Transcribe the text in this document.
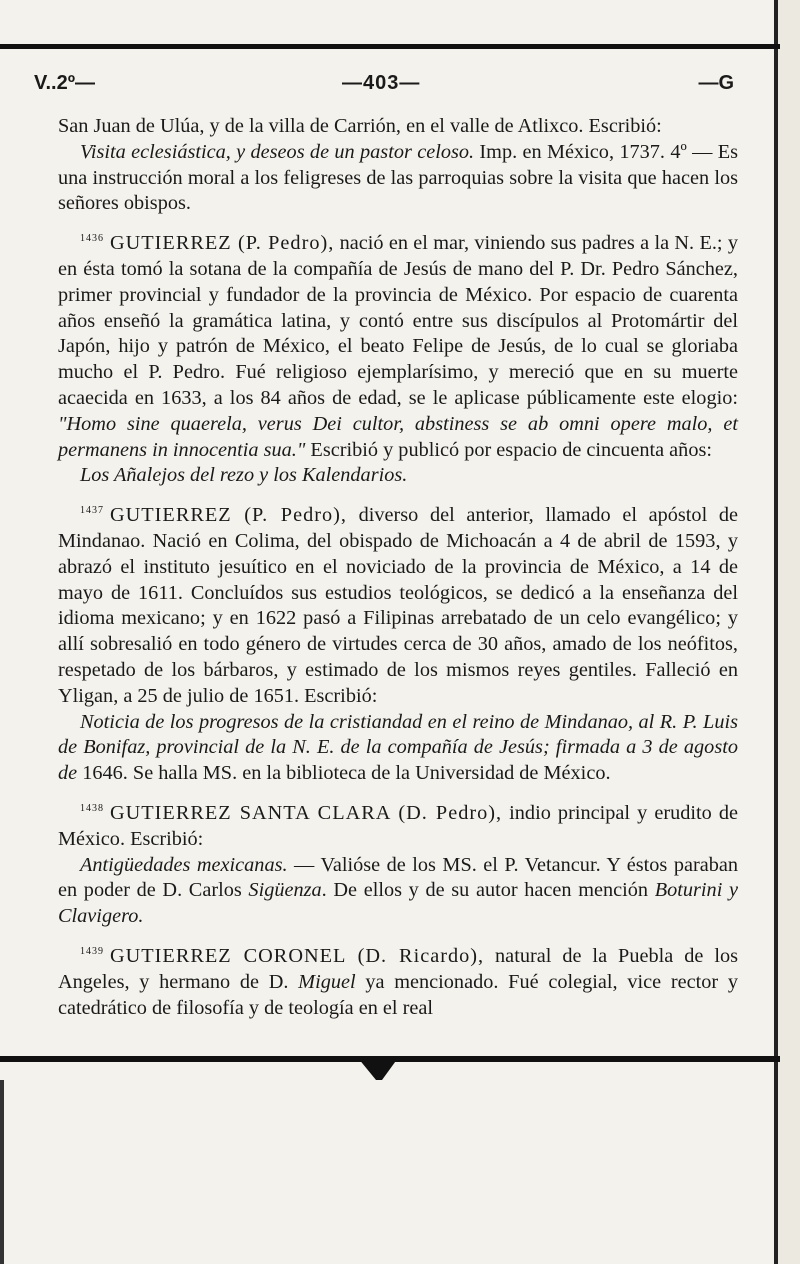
V..2º—	—403—	—G

San Juan de Ulúa, y de la villa de Carrión, en el valle de Atlixco. Escribió:

Visita eclesiástica, y deseos de un pastor celoso. Imp. en México, 1737. 4º — Es una instrucción moral a los feligreses de las parroquias sobre la visita que hacen los señores obispos.

$^{1436}$ GUTIERREZ (P. Pedro), nació en el mar, viniendo sus padres a la N. E.; y en ésta tomó la sotana de la compañía de Jesús de mano del P. Dr. Pedro Sánchez, primer provincial y fundador de la provincia de México. Por espacio de cuarenta años enseñó la gramática latina, y contó entre sus discípulos al Protomártir del Japón, hijo y patrón de México, el beato Felipe de Jesús, de lo cual se gloriaba mucho el P. Pedro. Fué religioso ejemplarísimo, y mereció que en su muerte acaecida en 1633, a los 84 años de edad, se le aplicase públicamente este elogio: "Homo sine quaerela, verus Dei cultor, abstiness se ab omni opere malo, et permanens in innocentia sua." Escribió y publicó por espacio de cincuenta años:

Los Añalejos del rezo y los Kalendarios.

$^{1437}$ GUTIERREZ (P. Pedro), diverso del anterior, llamado el apóstol de Mindanao. Nació en Colima, del obispado de Michoacán a 4 de abril de 1593, y abrazó el instituto jesuítico en el noviciado de la provincia de México, a 14 de mayo de 1611. Concluídos sus estudios teológicos, se dedicó a la enseñanza del idioma mexicano; y en 1622 pasó a Filipinas arrebatado de un celo evangélico; y allí sobresalió en todo género de virtudes cerca de 30 años, amado de los neófitos, respetado de los bárbaros, y estimado de los mismos reyes gentiles. Falleció en Yligan, a 25 de julio de 1651. Escribió:

Noticia de los progresos de la cristiandad en el reino de Mindanao, al R. P. Luis de Bonifaz, provincial de la N. E. de la compañía de Jesús; firmada a 3 de agosto de 1646. Se halla MS. en la biblioteca de la Universidad de México.

$^{1438}$ GUTIERREZ SANTA CLARA (D. Pedro), indio principal y erudito de México. Escribió:

Antigüedades mexicanas. — Valióse de los MS. el P. Vetancur. Y éstos paraban en poder de D. Carlos Sigüenza. De ellos y de su autor hacen mención Boturini y Clavigero.

$^{1439}$ GUTIERREZ CORONEL (D. Ricardo), natural de la Puebla de los Angeles, y hermano de D. Miguel ya mencionado. Fué colegial, vice rector y catedrático de filosofía y de teología en el real
